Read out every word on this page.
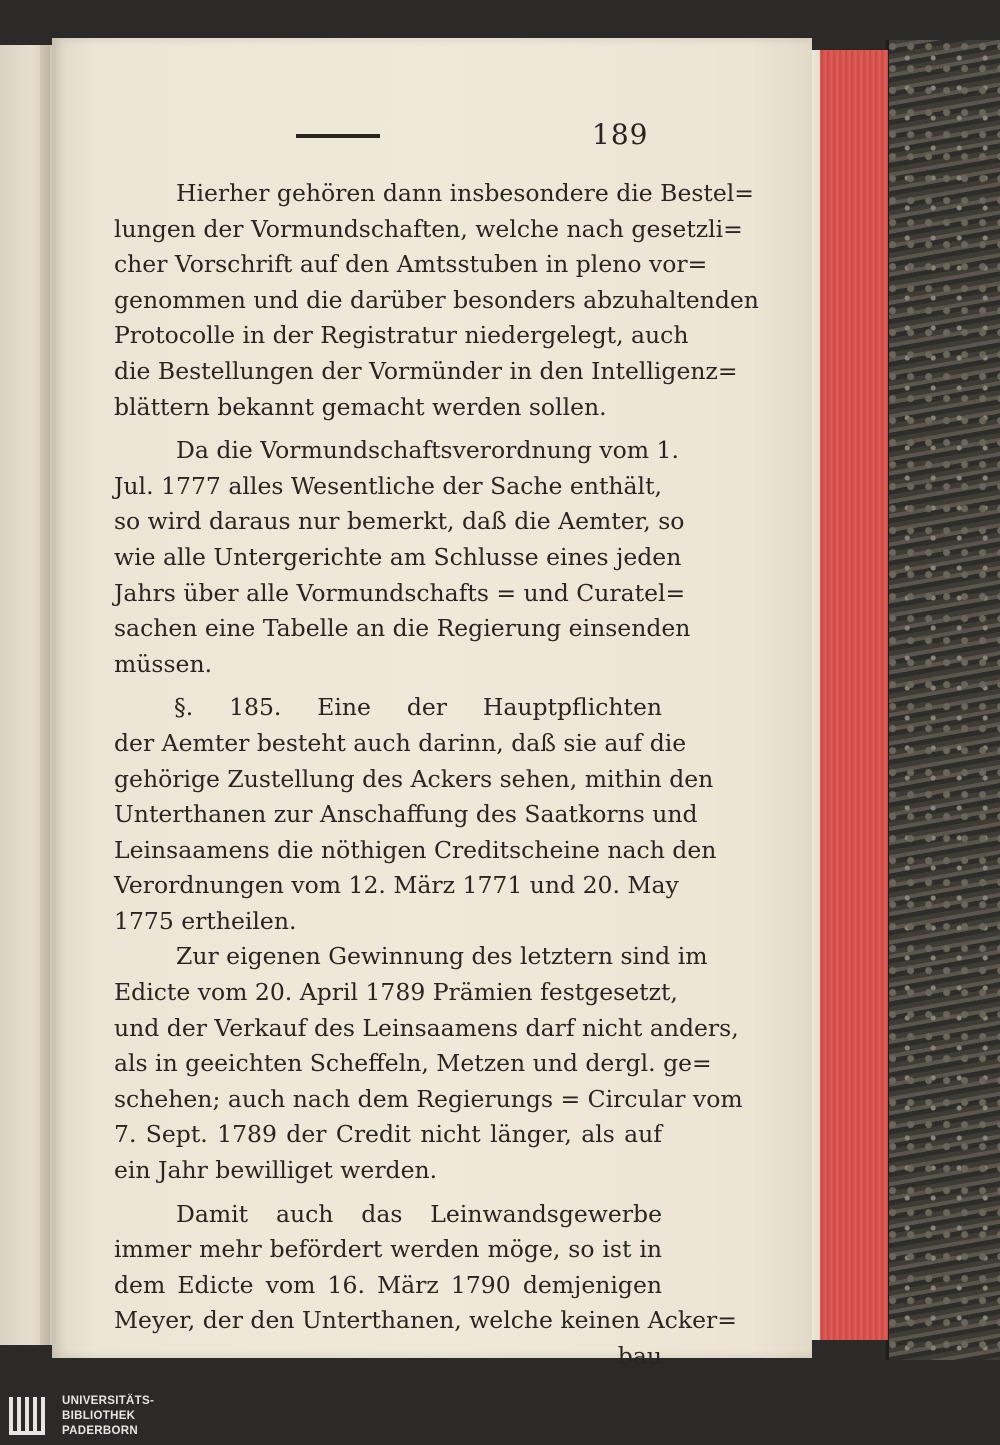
189
Hierher gehören dann insbesondere die Bestel=
lungen der Vormundschaften, welche nach gesetzli=
cher Vorschrift auf den Amtsstuben in pleno vor=
genommen und die darüber besonders abzuhaltenden
Protocolle in der Registratur niedergelegt, auch
die Bestellungen der Vormünder in den Intelligenz=
blättern bekannt gemacht werden sollen.
Da die Vormundschaftsverordnung vom 1.
Jul. 1777 alles Wesentliche der Sache enthält,
so wird daraus nur bemerkt, daß die Aemter, so
wie alle Untergerichte am Schlusse eines jeden
Jahrs über alle Vormundschafts = und Curatel=
sachen eine Tabelle an die Regierung einsenden
müssen.
§. 185. Eine der Hauptpflichten
der Aemter besteht auch darinn, daß sie auf die
gehörige Zustellung des Ackers sehen, mithin den
Unterthanen zur Anschaffung des Saatkorns und
Leinsaamens die nöthigen Creditscheine nach den
Verordnungen vom 12. März 1771 und 20. May
1775 ertheilen.
Zur eigenen Gewinnung des letztern sind im
Edicte vom 20. April 1789 Prämien festgesetzt,
und der Verkauf des Leinsaamens darf nicht anders,
als in geeichten Scheffeln, Metzen und dergl. ge=
schehen; auch nach dem Regierungs = Circular vom
7. Sept. 1789 der Credit nicht länger, als auf
ein Jahr bewilliget werden.
Damit auch das Leinwandsgewerbe
immer mehr befördert werden möge, so ist in
dem Edicte vom 16. März 1790 demjenigen
Meyer, der den Unterthanen, welche keinen Acker=
bau
UNIVERSITÄTS-
BIBLIOTHEK
PADERBORN
